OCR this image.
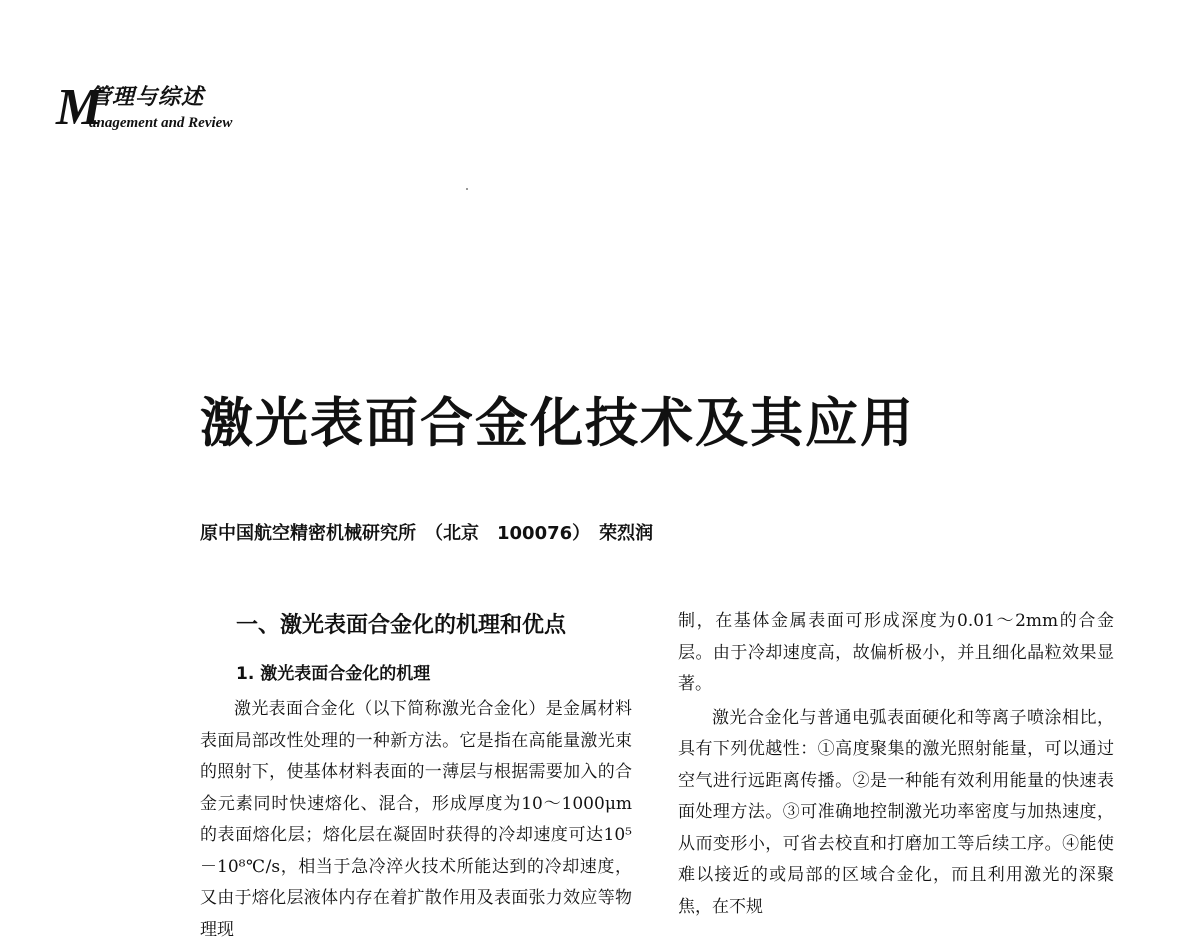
M
管理与综述
anagement and Review
激光表面合金化技术及其应用
原中国航空精密机械研究所　（北京　100076）　荣烈润
一、激光表面合金化的机理和优点
1. 激光表面合金化的机理

激光表面合金化（以下简称激光合金化）是金属材料表面局部改性处理的一种新方法。它是指在高能量激光束的照射下，使基体材料表面的一薄层与根据需要加入的合金元素同时快速熔化、混合，形成厚度为10～1000μm的表面熔化层；熔化层在凝固时获得的冷却速度可达10⁵－10⁸℃/s，相当于急冷淬火技术所能达到的冷却速度，又由于熔化层液体内存在着扩散作用及表面张力效应等物理现

制，在基体金属表面可形成深度为0.01～2mm的合金层。由于冷却速度高，故偏析极小，并且细化晶粒效果显著。

激光合金化与普通电弧表面硬化和等离子喷涂相比，具有下列优越性：①高度聚集的激光照射能量，可以通过空气进行远距离传播。②是一种能有效利用能量的快速表面处理方法。③可准确地控制激光功率密度与加热速度，从而变形小，可省去校直和打磨加工等后续工序。④能使难以接近的或局部的区域合金化，而且利用激光的深聚焦，在不规
